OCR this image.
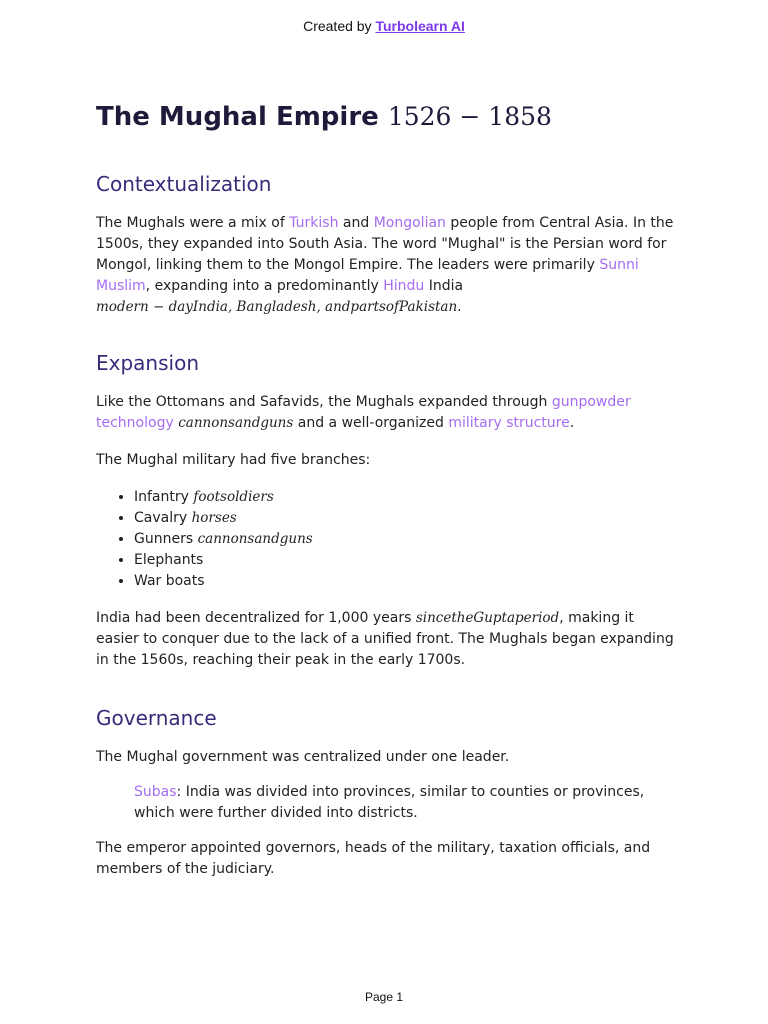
Created by Turbolearn AI
The Mughal Empire 1526 − 1858
Contextualization

The Mughals were a mix of Turkish and Mongolian people from Central Asia. In the 1500s, they expanded into South Asia. The word "Mughal" is the Persian word for Mongol, linking them to the Mongol Empire. The leaders were primarily Sunni Muslim, expanding into a predominantly Hindu India
modern − dayIndia, Bangladesh, andpartsofPakistan.

Expansion

Like the Ottomans and Safavids, the Mughals expanded through gunpowder technology cannonsandguns and a well-organized military structure.

The Mughal military had five branches:

• Infantry footsoldiers
• Cavalry horses
• Gunners cannonsandguns
• Elephants
• War boats

India had been decentralized for 1,000 years sincetheGuptaperiod, making it easier to conquer due to the lack of a unified front. The Mughals began expanding in the 1560s, reaching their peak in the early 1700s.

Governance

The Mughal government was centralized under one leader.

Subas: India was divided into provinces, similar to counties or provinces, which were further divided into districts.

The emperor appointed governors, heads of the military, taxation officials, and members of the judiciary.

Page 1
